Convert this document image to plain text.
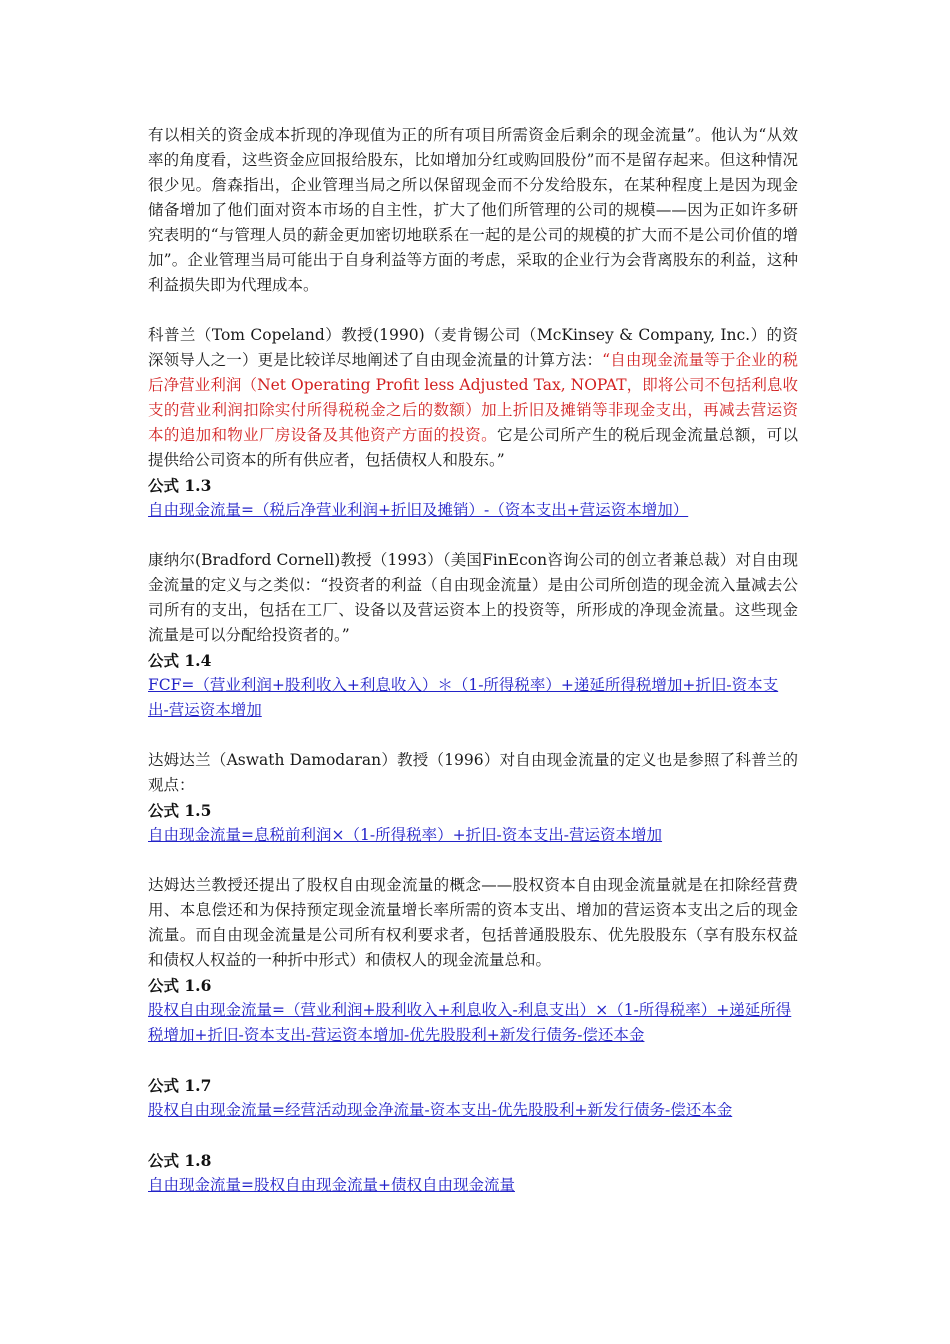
有以相关的资金成本折现的净现值为正的所有项目所需资金后剩余的现金流量”。他认为“从效率的角度看，这些资金应回报给股东，比如增加分红或购回股份”而不是留存起来。但这种情况很少见。詹森指出，企业管理当局之所以保留现金而不分发给股东，在某种程度上是因为现金储备增加了他们面对资本市场的自主性，扩大了他们所管理的公司的规模——因为正如许多研究表明的“与管理人员的薪金更加密切地联系在一起的是公司的规模的扩大而不是公司价值的增加”。企业管理当局可能出于自身利益等方面的考虑，采取的企业行为会背离股东的利益，这种利益损失即为代理成本。

科普兰（Tom Copeland）教授(1990)（麦肯锡公司（McKinsey & Company, Inc.）的资深领导人之一）更是比较详尽地阐述了自由现金流量的计算方法：“自由现金流量等于企业的税后净营业利润（Net Operating Profit less Adjusted Tax, NOPAT，即将公司不包括利息收支的营业利润扣除实付所得税税金之后的数额）加上折旧及摊销等非现金支出，再减去营运资本的追加和物业厂房设备及其他资产方面的投资。它是公司所产生的税后现金流量总额，可以提供给公司资本的所有供应者，包括债权人和股东。”

公式 1.3
自由现金流量=（税后净营业利润+折旧及摊销）-（资本支出+营运资本增加）

康纳尔(Bradford Cornell)教授（1993）（美国FinEcon咨询公司的创立者兼总裁）对自由现金流量的定义与之类似：“投资者的利益（自由现金流量）是由公司所创造的现金流入量减去公司所有的支出，包括在工厂、设备以及营运资本上的投资等，所形成的净现金流量。这些现金流量是可以分配给投资者的。”

公式 1.4
FCF=（营业利润+股利收入+利息收入）＊（1-所得税率）+递延所得税增加+折旧-资本支出-营运资本增加

达姆达兰（Aswath Damodaran）教授（1996）对自由现金流量的定义也是参照了科普兰的观点：

公式 1.5
自由现金流量=息税前利润×（1-所得税率）+折旧-资本支出-营运资本增加

达姆达兰教授还提出了股权自由现金流量的概念——股权资本自由现金流量就是在扣除经营费用、本息偿还和为保持预定现金流量增长率所需的资本支出、增加的营运资本支出之后的现金流量。而自由现金流量是公司所有权利要求者，包括普通股股东、优先股股东（享有股东权益和债权人权益的一种折中形式）和债权人的现金流量总和。

公式 1.6
股权自由现金流量=（营业利润+股利收入+利息收入-利息支出）×（1-所得税率）+递延所得税增加+折旧-资本支出-营运资本增加-优先股股利+新发行债务-偿还本金
公式 1.7
股权自由现金流量=经营活动现金净流量-资本支出-优先股股利+新发行债务-偿还本金
公式 1.8
自由现金流量=股权自由现金流量+债权自由现金流量
